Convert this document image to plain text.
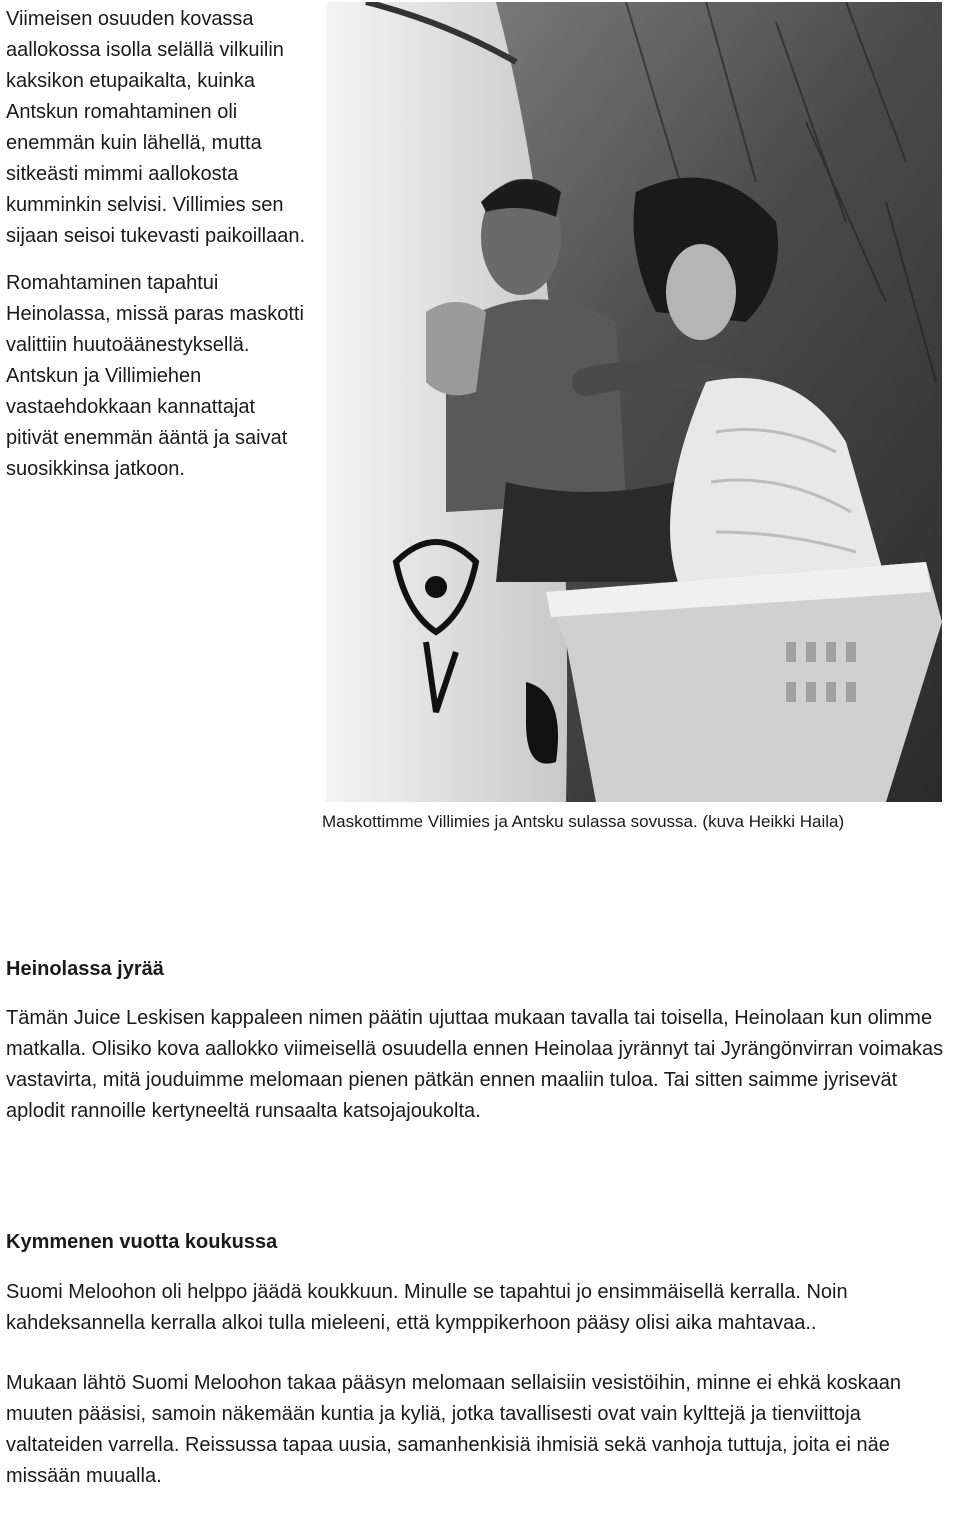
Viimeisen osuuden kovassa aallokossa isolla selällä vilkuilin kaksikon etupaikalta, kuinka Antskun romahtaminen oli enemmän kuin lähellä, mutta sitkeästi mimmi aallokosta kumminkin selvisi. Villimies sen sijaan seisoi tukevasti paikoillaan.

Romahtaminen tapahtui Heinolassa, missä paras maskotti valittiin huutoäänestyksellä. Antskun ja Villimiehen vastaehdokkaan kannattajat pitivät enemmän ääntä ja saivat suosikkinsa jatkoon.

Maskottimme Villimies ja Antsku sulassa sovussa. (kuva Heikki Haila)
Heinolassa jyrää

Tämän Juice Leskisen kappaleen nimen päätin ujuttaa mukaan tavalla tai toisella, Heinolaan kun olimme matkalla. Olisiko kova aallokko viimeisellä osuudella ennen Heinolaa jyrännyt tai Jyrängönvirran voimakas vastavirta, mitä jouduimme melomaan pienen pätkän ennen maaliin tuloa. Tai sitten saimme jyrisevät aplodit rannoille kertyneeltä runsaalta katsojajoukolta.

Kymmenen vuotta koukussa

Suomi Meloohon oli helppo jäädä koukkuun. Minulle se tapahtui jo ensimmäisellä kerralla. Noin kahdeksannella kerralla alkoi tulla mieleeni, että kymppikerhoon pääsy olisi aika mahtavaa..

Mukaan lähtö Suomi Meloohon takaa pääsyn melomaan sellaisiin vesistöihin, minne ei ehkä koskaan muuten pääsisi, samoin näkemään kuntia ja kyliä, jotka tavallisesti ovat vain kylttejä ja tienviittoja valtateiden varrella. Reissussa tapaa uusia, samanhenkisiä ihmisiä sekä vanhoja tuttuja, joita ei näe missään muualla.
